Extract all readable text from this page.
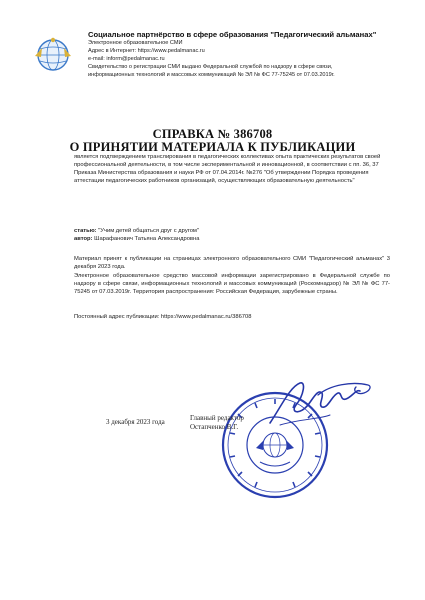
Социальное партнёрство в сфере образования "Педагогический альманах"
Электронное образовательное СМИ
Адрес в Интернет: https://www.pedalmanac.ru
e-mail: inform@pedalmanac.ru
Свидетельство о регистрации СМИ выдано Федеральной службой по надзору в сфере связи,
информационных технологий и массовых коммуникаций № ЭЛ № ФС 77-75245 от 07.03.2019г.
СПРАВКА № 386708
О ПРИНЯТИИ МАТЕРИАЛА К ПУБЛИКАЦИИ
является подтверждением транслирования в педагогических коллективах опыта практических результатов своей профессиональной деятельности, в том числе экспериментальной и инновационной, в соответствии с пп. 36, 37 Приказа Министерства образования и науки РФ от 07.04.2014г. №276 "Об утверждении Порядка проведения аттестации педагогических работников организаций, осуществляющих образовательную деятельность"
статью: "Учим детей общаться друг с другом"
автор: Шарафанович Татьяна Александровна
Материал принят к публикации на страницах электронного образовательного СМИ "Педагогический альманах" 3 декабря 2023 года.
Электронное образовательное средство массовой информации зарегистрировано в Федеральной службе по надзору в сфере связи, информационных технологий и массовых коммуникаций (Роскомнадзор) № ЭЛ № ФС 77-75245 от 07.03.2019г. Территория распространения: Российская Федерация, зарубежные страны.
Постоянный адрес публикации: https://www.pedalmanac.ru/386708
3 декабря 2023 года	Главный редактор
Остапченко В.Г.
